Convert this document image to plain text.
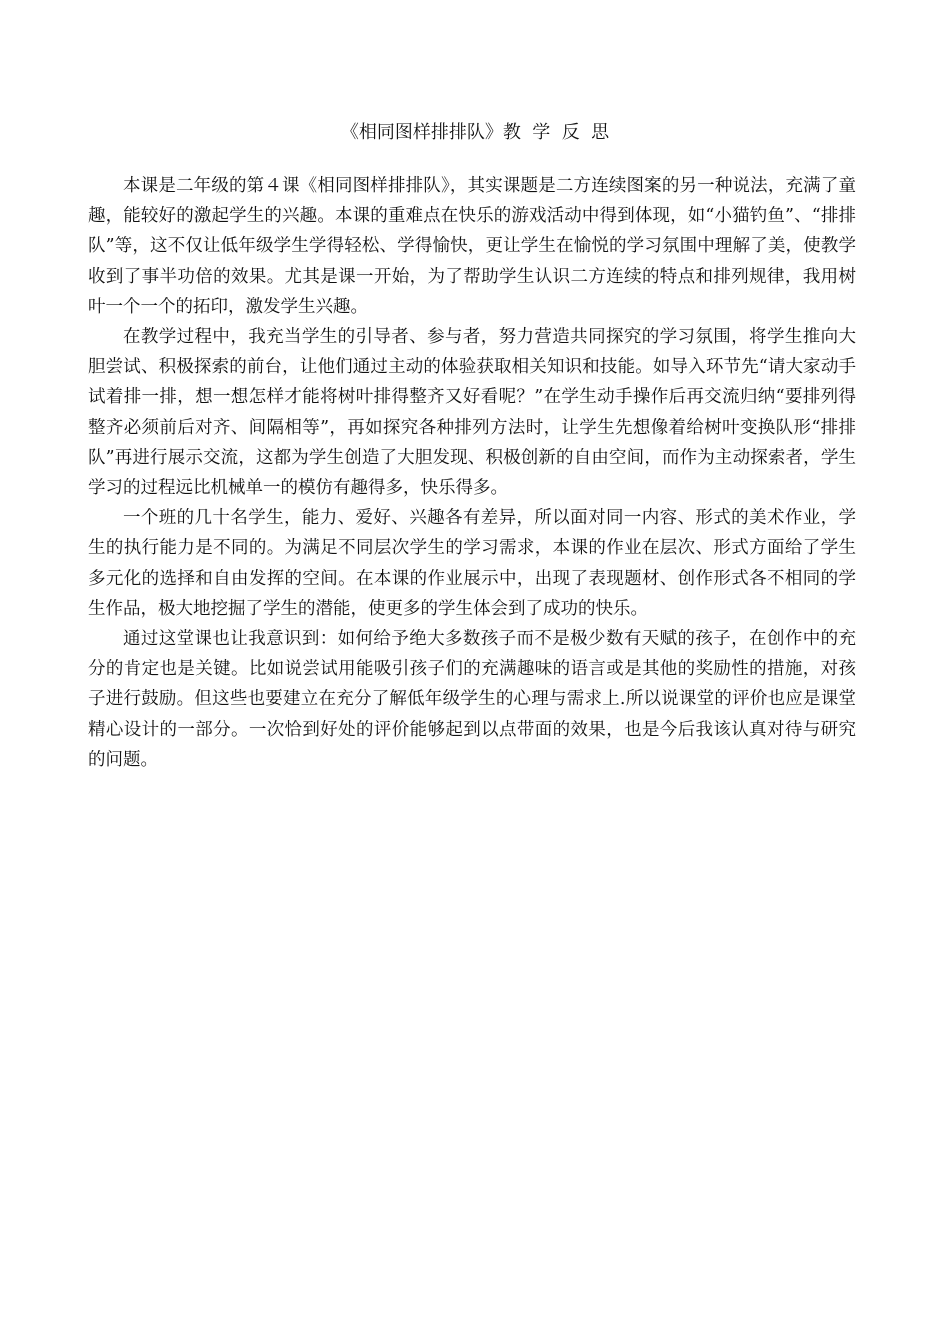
《相同图样排排队》教  学  反  思

本课是二年级的第４课《相同图样排排队》，其实课题是二方连续图案的另一种说法，充满了童趣，能较好的激起学生的兴趣。本课的重难点在快乐的游戏活动中得到体现，如“小猫钓鱼”、“排排队”等，这不仅让低年级学生学得轻松、学得愉快，更让学生在愉悦的学习氛围中理解了美，使教学收到了事半功倍的效果。尤其是课一开始，为了帮助学生认识二方连续的特点和排列规律，我用树叶一个一个的拓印，激发学生兴趣。

在教学过程中，我充当学生的引导者、参与者，努力营造共同探究的学习氛围，将学生推向大胆尝试、积极探索的前台，让他们通过主动的体验获取相关知识和技能。如导入环节先“请大家动手试着排一排，想一想怎样才能将树叶排得整齐又好看呢？”在学生动手操作后再交流归纳“要排列得整齐必须前后对齐、间隔相等”，再如探究各种排列方法时，让学生先想像着给树叶变换队形“排排队”再进行展示交流，这都为学生创造了大胆发现、积极创新的自由空间，而作为主动探索者，学生学习的过程远比机械单一的模仿有趣得多，快乐得多。

一个班的几十名学生，能力、爱好、兴趣各有差异，所以面对同一内容、形式的美术作业，学生的执行能力是不同的。为满足不同层次学生的学习需求，本课的作业在层次、形式方面给了学生多元化的选择和自由发挥的空间。在本课的作业展示中，出现了表现题材、创作形式各不相同的学生作品，极大地挖掘了学生的潜能，使更多的学生体会到了成功的快乐。

通过这堂课也让我意识到：如何给予绝大多数孩子而不是极少数有天赋的孩子，在创作中的充分的肯定也是关键。比如说尝试用能吸引孩子们的充满趣味的语言或是其他的奖励性的措施，对孩子进行鼓励。但这些也要建立在充分了解低年级学生的心理与需求上.所以说课堂的评价也应是课堂精心设计的一部分。一次恰到好处的评价能够起到以点带面的效果，也是今后我该认真对待与研究的问题。
